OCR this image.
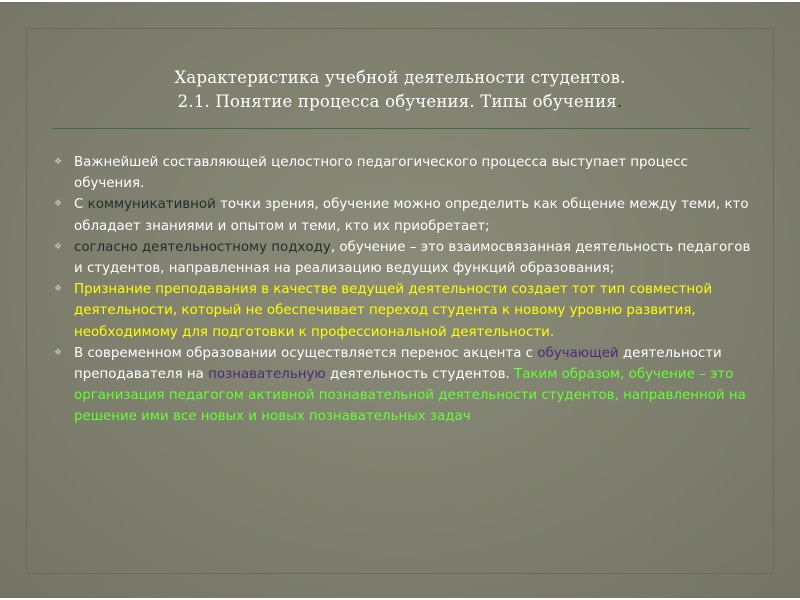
Характеристика учебной деятельности студентов.
2.1. Понятие процесса обучения. Типы обучения.
❖ Важнейшей составляющей целостного педагогического процесса выступает процесс обучения.
❖ С коммуникативной точки зрения, обучение можно определить как общение между теми, кто обладает знаниями и опытом и теми, кто их приобретает;
❖ согласно деятельностному подходу, обучение – это взаимосвязанная деятельность педагогов и студентов, направленная на реализацию ведущих функций образования;
❖ Признание преподавания в качестве ведущей деятельности создает тот тип совместной деятельности, который не обеспечивает переход студента к новому уровню развития, необходимому для подготовки к профессиональной деятельности.
❖ В современном образовании осуществляется перенос акцента с обучающей деятельности преподавателя на познавательную деятельность студентов. Таким образом, обучение – это организация педагогом активной познавательной деятельности студентов, направленной на решение ими все новых и новых познавательных задач
